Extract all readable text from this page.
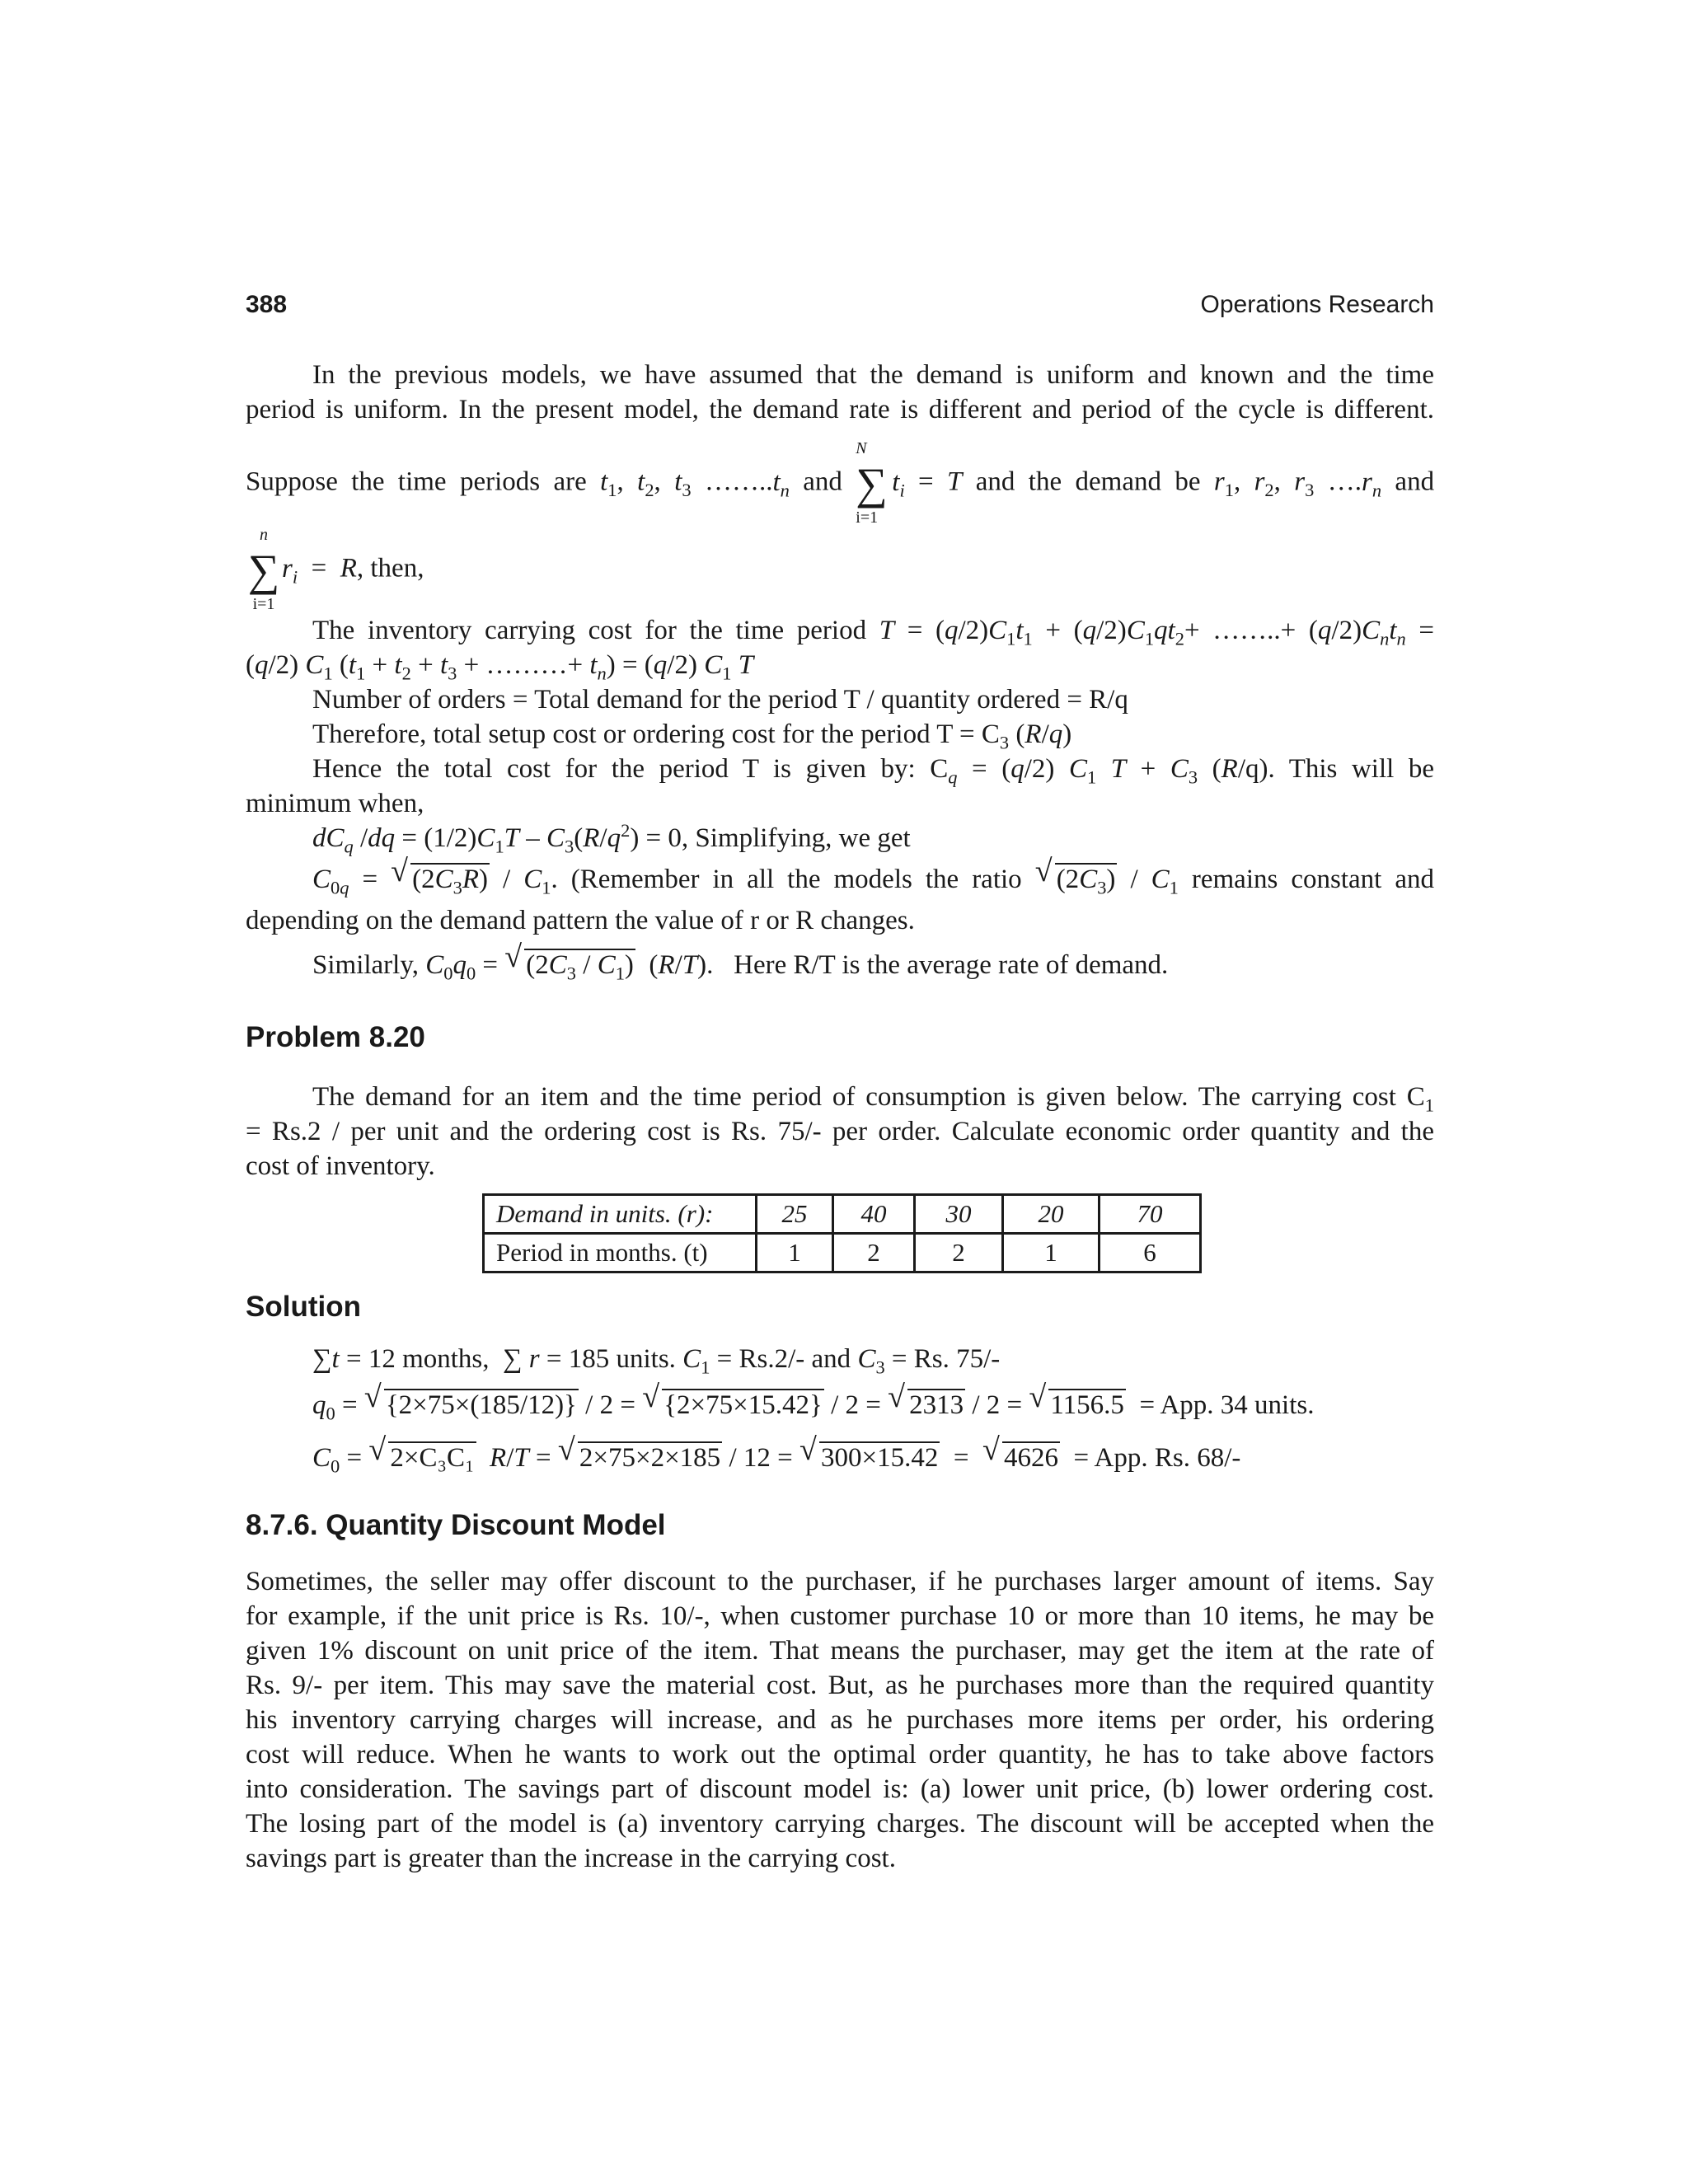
388	Operations Research
In the previous models, we have assumed that the demand is uniform and known and the time
period is uniform. In the present model, the demand rate is different and period of the cycle is different.
Suppose the time periods are $t_1$, $t_2$, $t_3$ $\dots\dots..t_n$ and
N
∑
i=1
$t_i = T$ and the demand be $r_1$, $r_2$, $r_3$ $\dots.r_n$ and
n
∑
i=1
$r_i = R$, then,
The inventory carrying cost for the time period $T = (q/2)C_1t_1 + (q/2)C_1qt_2+$ ……..+ $(q/2)C_nt_n$ =
(q/2) $C_1$ ($t_1 + t_2 + t_3$ + ………+ $t_n) = (q/2)$ $C_1$ T
Number of orders = Total demand for the period T / quantity ordered = R/q
Therefore, total setup cost or ordering cost for the period $T = C_3$ (R/q)
Hence the total cost for the period T is given by: $C_q = (q/2)$ $C_1$ $T + C_3$ (R/q). This will be
minimum when,
$dC_q$ $/dq = (1/2)C_1T - C_3(R/q^2) = 0$, Simplifying, we get
$C_{0q}$ = √ $(2C_3R) / C_1$. (Remember in all the models the ratio √ $(2C_3) / C_1$ remains constant and
depending on the demand pattern the value of r or R changes.
Similarly, $C_0q_0$ = √ $(2C_3 / C_1)$  (R/T).   Here R/T is the average rate of demand.
Problem 8.20
The demand for an item and the time period of consumption is given below. The carrying cost $C_1$
= Rs.2 / per unit and the ordering cost is Rs. 75/- per order. Calculate economic order quantity and the
cost of inventory.
Demand in units. (r):	25	40	30	20	70
Period in months. (t)	1	2	2	1	6
Solution
∑t = 12 months,  ∑ r = 185 units. $C_1 = Rs.2/-$ and $C_3 = Rs$. 75/-
$q_0$ = √ {2×75×(185/12)} / 2 = √ {2×75×15.42} / 2 = √ 2313 / 2 = √ 1156.5 = App. 34 units.
$C_0$ = √ 2×C₃C₁ R/T = √ 2×75×2×185 / 12 = √ 300×15.42  =  √ 4626 = App. Rs. 68/-
8.7.6. Quantity Discount Model
Sometimes, the seller may offer discount to the purchaser, if he purchases larger amount of items. Say
for example, if the unit price is Rs. 10/-, when customer purchase 10 or more than 10 items, he may be
given 1% discount on unit price of the item. That means the purchaser, may get the item at the rate of
Rs. 9/- per item. This may save the material cost. But, as he purchases more than the required quantity
his inventory carrying charges will increase, and as he purchases more items per order, his ordering
cost will reduce. When he wants to work out the optimal order quantity, he has to take above factors
into consideration. The savings part of discount model is: (a) lower unit price, (b) lower ordering cost.
The losing part of the model is (a) inventory carrying charges. The discount will be accepted when the
savings part is greater than the increase in the carrying cost.
